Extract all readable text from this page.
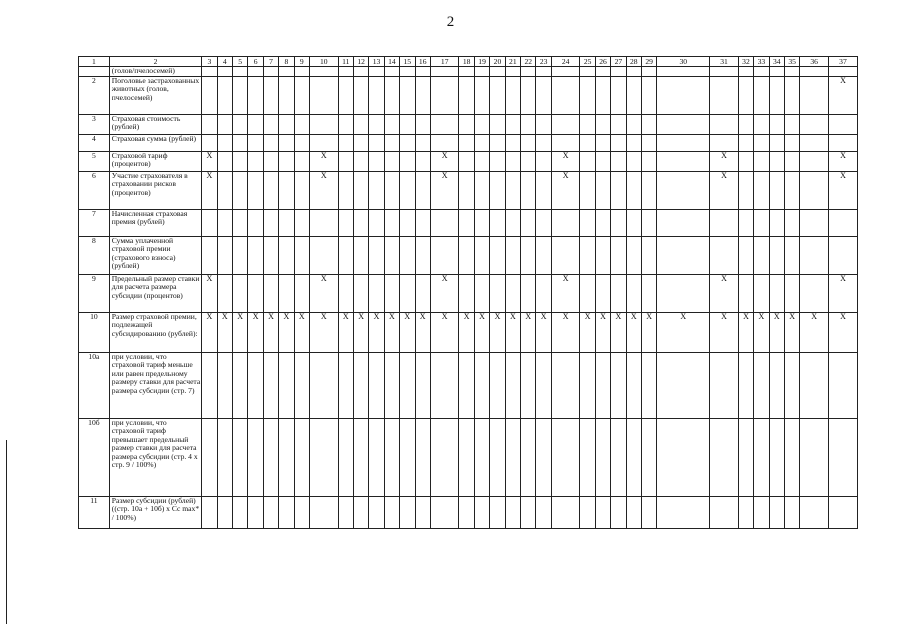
2
1	2	3	4	5	6	7	8	9	10	11	12	13	14	15	16	17	18	19	20	21	22	23	24	25	26	27	28	29	30	31	32	33	34	35	36	37
	(голов/пчелосемей)																																			
2	Поголовье застрахованных животных (голов, пчелосемей)																																			X
3	Страховая стоимость (рублей)																																			
4	Страховая сумма (рублей)																																			
5	Страховой тариф (процентов)	X							X							X							X							X						X
6	Участие страхователя в страховании рисков (процентов)	X							X							X							X							X						X
7	Начисленная страховая премия (рублей)																																			
8	Сумма уплаченной страховой премии (страхового взноса) (рублей)																																			
9	Предельный размер ставки для расчета размера субсидии (процентов)	X							X							X							X							X						X
10	Размер страховой премии, подлежащей субсидированию (рублей):	X	X	X	X	X	X	X	X	X	X	X	X	X	X	X	X	X	X	X	X	X	X	X	X	X	X	X	X	X	X	X	X	X	X	X
10а	при условии, что страховой тариф меньше или равен предельному размеру ставки для расчета размера субсидии (стр. 7)																																			
10б	при условии, что страховой тариф превышает предельный размер ставки для расчета размера субсидии (стр. 4 x стр. 9 / 100%)																																			
11	Размер субсидии (рублей) ((стр. 10а + 10б) x Сс max* / 100%)																																			
